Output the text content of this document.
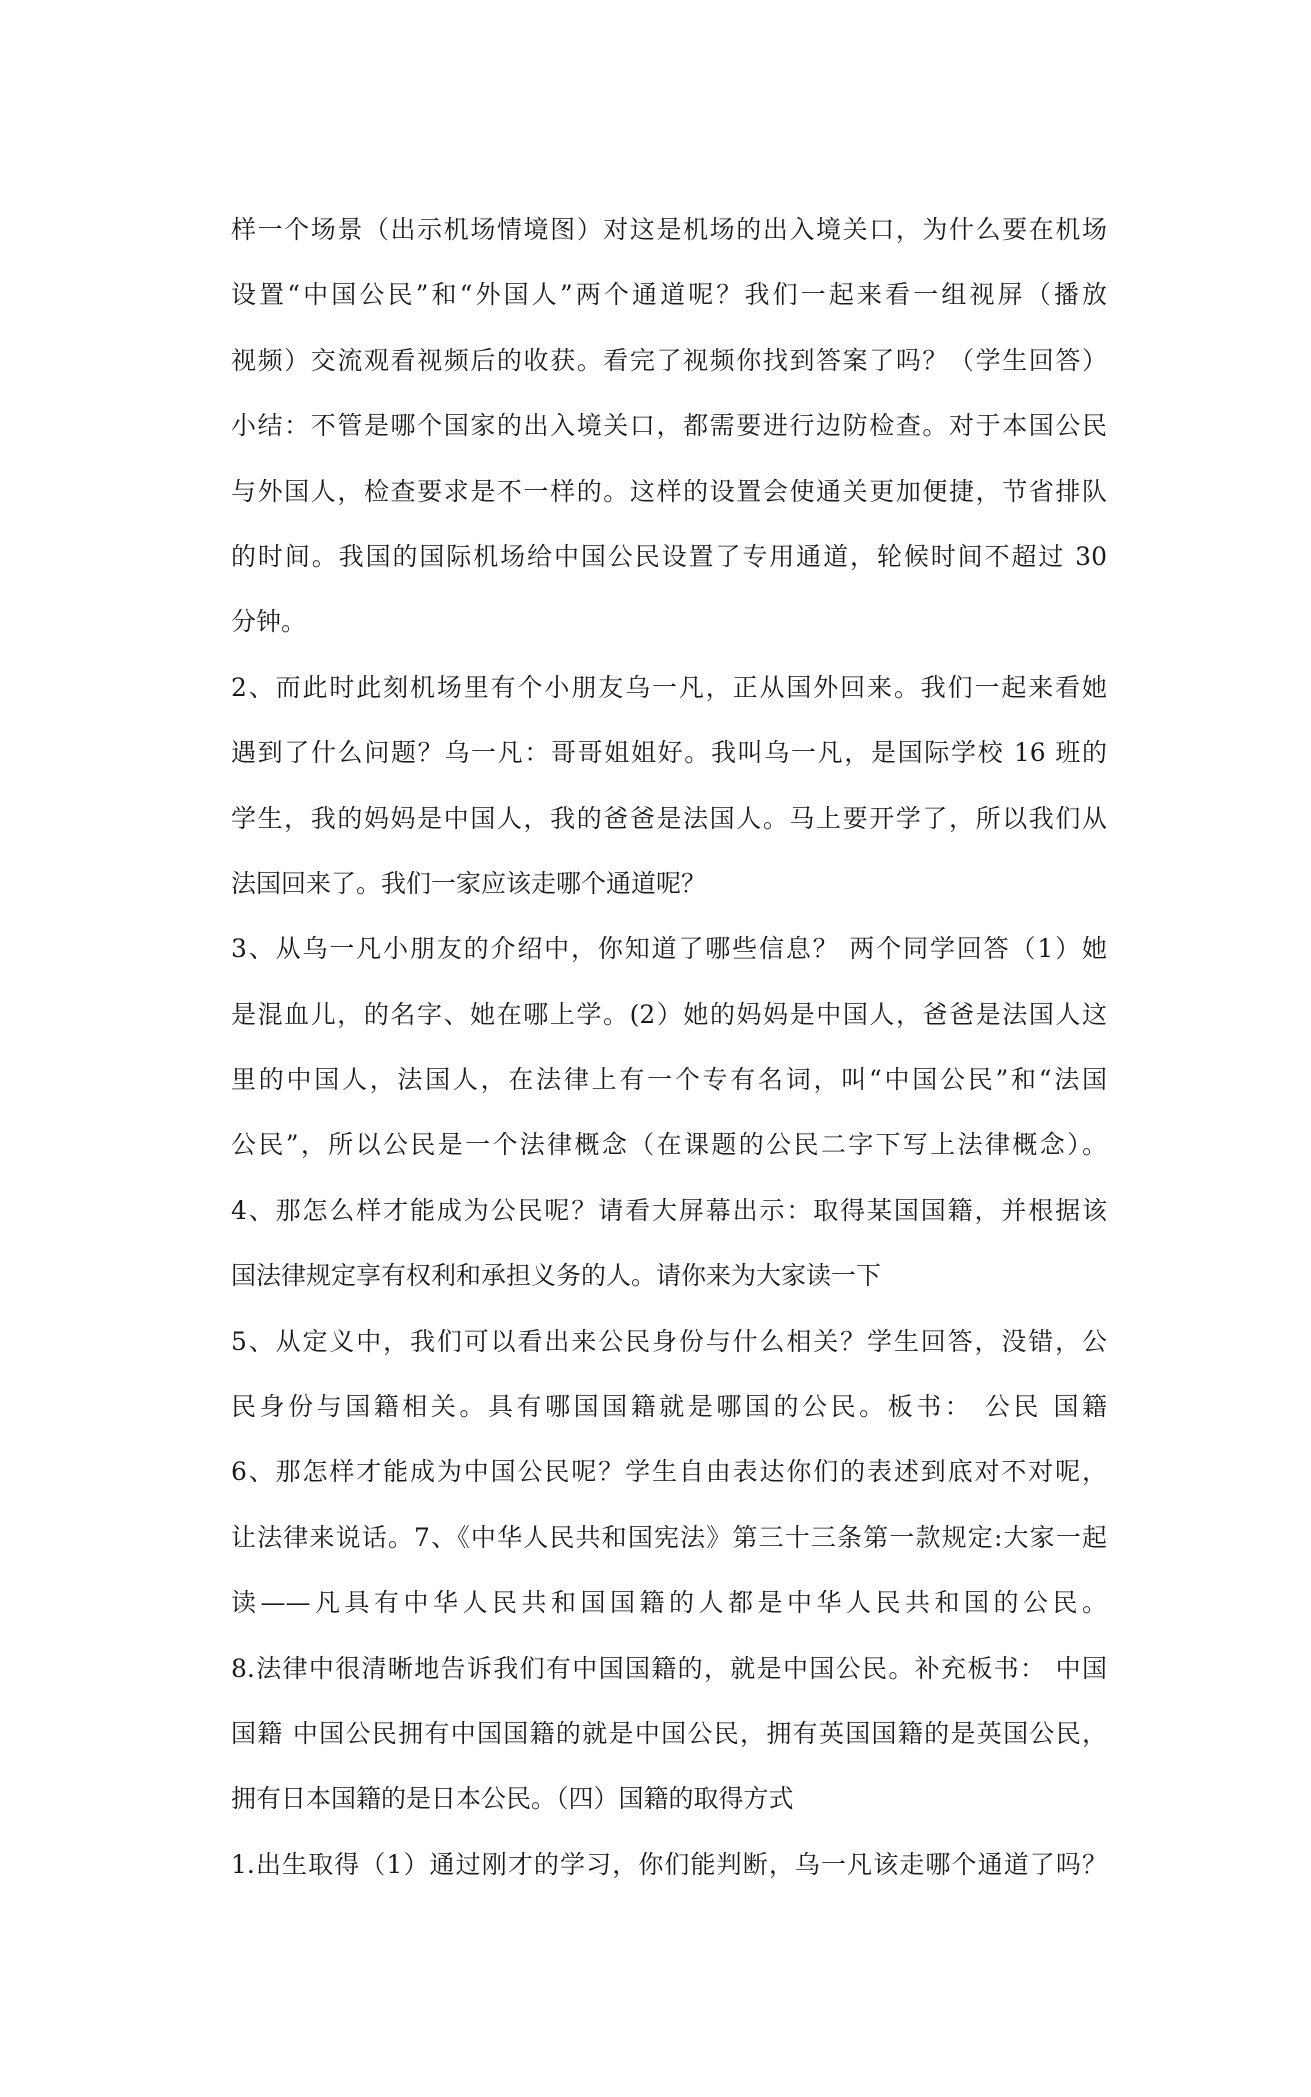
样一个场景（出示机场情境图）对这是机场的出入境关口，为什么要在机场
设置“中国公民”和“外国人”两个通道呢？我们一起来看一组视屏（播放
视频）交流观看视频后的收获。看完了视频你找到答案了吗？（学生回答）
小结：不管是哪个国家的出入境关口，都需要进行边防检查。对于本国公民
与外国人，检查要求是不一样的。这样的设置会使通关更加便捷，节省排队
的时间。我国的国际机场给中国公民设置了专用通道，轮候时间不超过 30
分钟。
2、而此时此刻机场里有个小朋友乌一凡，正从国外回来。我们一起来看她
遇到了什么问题？乌一凡：哥哥姐姐好。我叫乌一凡，是国际学校 16 班的
学生，我的妈妈是中国人，我的爸爸是法国人。马上要开学了，所以我们从
法国回来了。我们一家应该走哪个通道呢？
3、从乌一凡小朋友的介绍中，你知道了哪些信息？ 两个同学回答（1）她
是混血儿，的名字、她在哪上学。(2）她的妈妈是中国人，爸爸是法国人这
里的中国人，法国人，在法律上有一个专有名词，叫“中国公民”和“法国
公民”，所以公民是一个法律概念（在课题的公民二字下写上法律概念）。
4、那怎么样才能成为公民呢？请看大屏幕出示：取得某国国籍，并根据该
国法律规定享有权利和承担义务的人。请你来为大家读一下
5、从定义中，我们可以看出来公民身份与什么相关？学生回答，没错，公
民身份与国籍相关。具有哪国国籍就是哪国的公民。板书： 公民 国籍
6、那怎样才能成为中国公民呢？学生自由表达你们的表述到底对不对呢，
让法律来说话。7、《中华人民共和国宪法》第三十三条第一款规定:大家一起
读——凡具有中华人民共和国国籍的人都是中华人民共和国的公民。
8.法律中很清晰地告诉我们有中国国籍的，就是中国公民。补充板书： 中国
国籍 中国公民拥有中国国籍的就是中国公民，拥有英国国籍的是英国公民，
拥有日本国籍的是日本公民。（四）国籍的取得方式
1.出生取得（1）通过刚才的学习，你们能判断，乌一凡该走哪个通道了吗？
